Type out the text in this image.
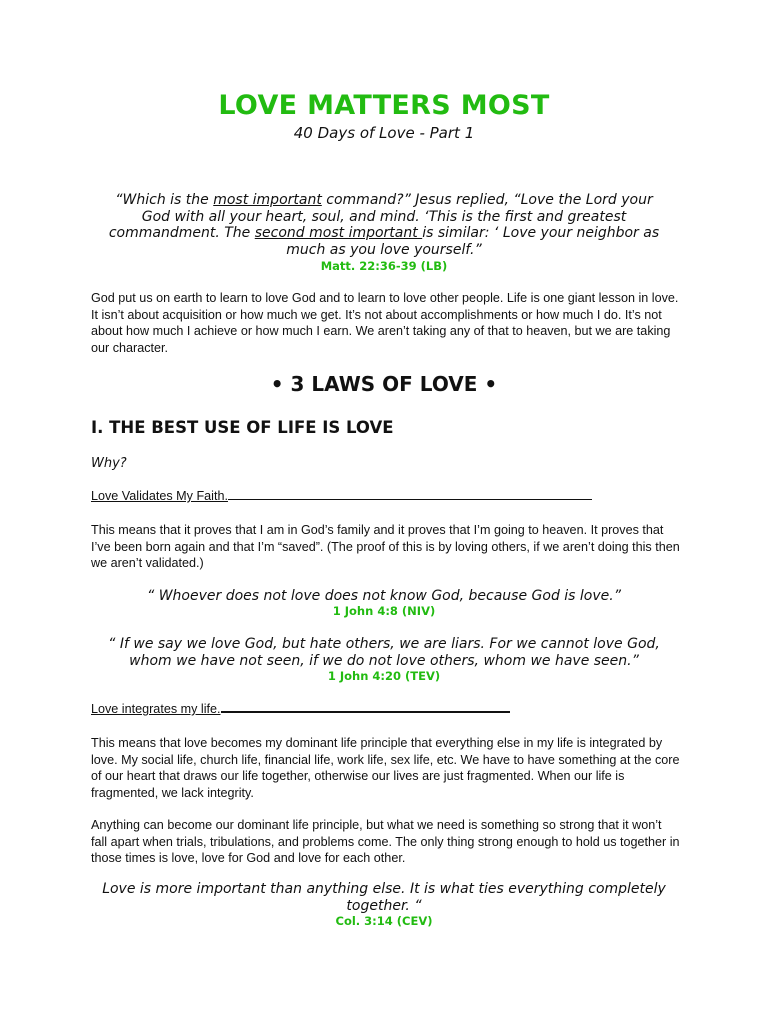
LOVE MATTERS MOST

40 Days of Love - Part 1

“Which is the most important command?” Jesus replied, “Love the Lord your God with all your heart, soul, and mind. ‘This is the first and greatest commandment. The second most important is similar: ‘ Love your neighbor as much as you love yourself.”

Matt. 22:36-39 (LB)

God put us on earth to learn to love God and to learn to love other people. Life is one giant lesson in love. It isn’t about acquisition or how much we get. It’s not about accomplishments or how much I do. It’s not about how much I achieve or how much I earn. We aren’t taking any of that to heaven, but we are taking our character.

• 3 LAWS OF LOVE •
I. THE BEST USE OF LIFE IS LOVE

Why?

Love Validates My Faith.

This means that it proves that I am in God’s family and it proves that I’m going to heaven. It proves that I’ve been born again and that I’m “saved”. (The proof of this is by loving others, if we aren’t doing this then we aren’t validated.)

“ Whoever does not love does not know God, because God is love.”

1 John 4:8 (NIV)

“ If we say we love God, but hate others, we are liars. For we cannot love God, whom we have not seen, if we do not love others, whom we have seen.”

1 John 4:20 (TEV)

Love integrates my life.

This means that love becomes my dominant life principle that everything else in my life is integrated by love. My social life, church life, financial life, work life, sex life, etc. We have to have something at the core of our heart that draws our life together, otherwise our lives are just fragmented. When our life is fragmented, we lack integrity.

Anything can become our dominant life principle, but what we need is something so strong that it won’t fall apart when trials, tribulations, and problems come. The only thing strong enough to hold us together in those times is love, love for God and love for each other.

Love is more important than anything else. It is what ties everything completely together. “

Col. 3:14 (CEV)
